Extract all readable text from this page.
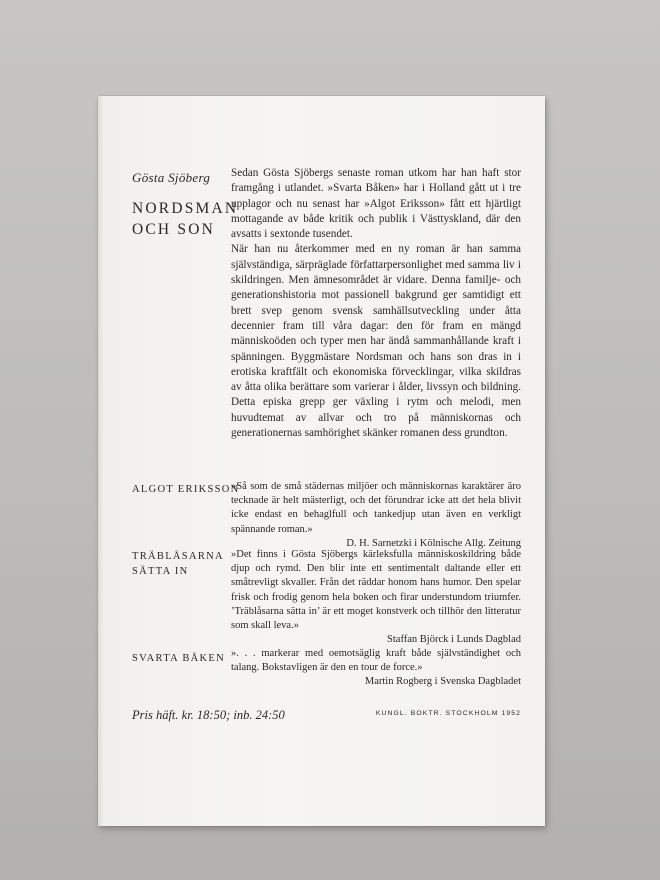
Gösta Sjöberg
NORDSMAN
OCH SON

Sedan Gösta Sjöbergs senaste roman utkom har han haft stor framgång i utlandet. »Svarta Båken» har i Holland gått ut i tre upplagor och nu senast har »Algot Eriksson» fått ett hjärtligt mottagande av både kritik och publik i Västtyskland, där den avsatts i sextonde tusendet.

När han nu återkommer med en ny roman är han samma självständiga, särpräglade författarpersonlighet med samma liv i skildringen. Men ämnesområdet är vidare. Denna familje- och generationshistoria mot passionell bakgrund ger samtidigt ett brett svep genom svensk samhällsutveckling under åtta decennier fram till våra dagar: den för fram en mängd människoöden och typer men har ändå sammanhållande kraft i spänningen. Byggmästare Nordsman och hans son dras in i erotiska kraftfält och ekonomiska förvecklingar, vilka skildras av åtta olika berättare som varierar i ålder, livssyn och bildning. Detta episka grepp ger växling i rytm och melodi, men huvudtemat av allvar och tro på människornas och generationernas samhörighet skänker romanen dess grundton.

ALGOT ERIKSSON
»Så som de små städernas miljöer och människornas karaktärer äro tecknade är helt mästerligt, och det förundrar icke att det hela blivit icke endast en behaglfull och tankedjup utan även en verkligt spännande roman.»
D. H. Sarnetzki i Kölnische Allg. Zeitung
TRÄBLÅSARNA
SÄTTA IN
»Det finns i Gösta Sjöbergs kärleksfulla människoskildring både djup och rymd. Den blir inte ett sentimentalt daltande eller ett småtrevligt skvaller. Från det räddar honom hans humor. Den spelar frisk och frodig genom hela boken och firar understundom triumfer. ’Träblåsarna sätta in’ är ett moget konstverk och tillhör den litteratur som skall leva.»
Staffan Björck i Lunds Dagblad
SVARTA BÅKEN ». . . markerar med oemotsäglig kraft både självständighet och talang. Bokstavligen är den en tour de force.»
Martin Rogberg i Svenska Dagbladet
Pris häft. kr. 18:50; inb. 24:50	KUNGL. BOKTR. STOCKHOLM 1952
